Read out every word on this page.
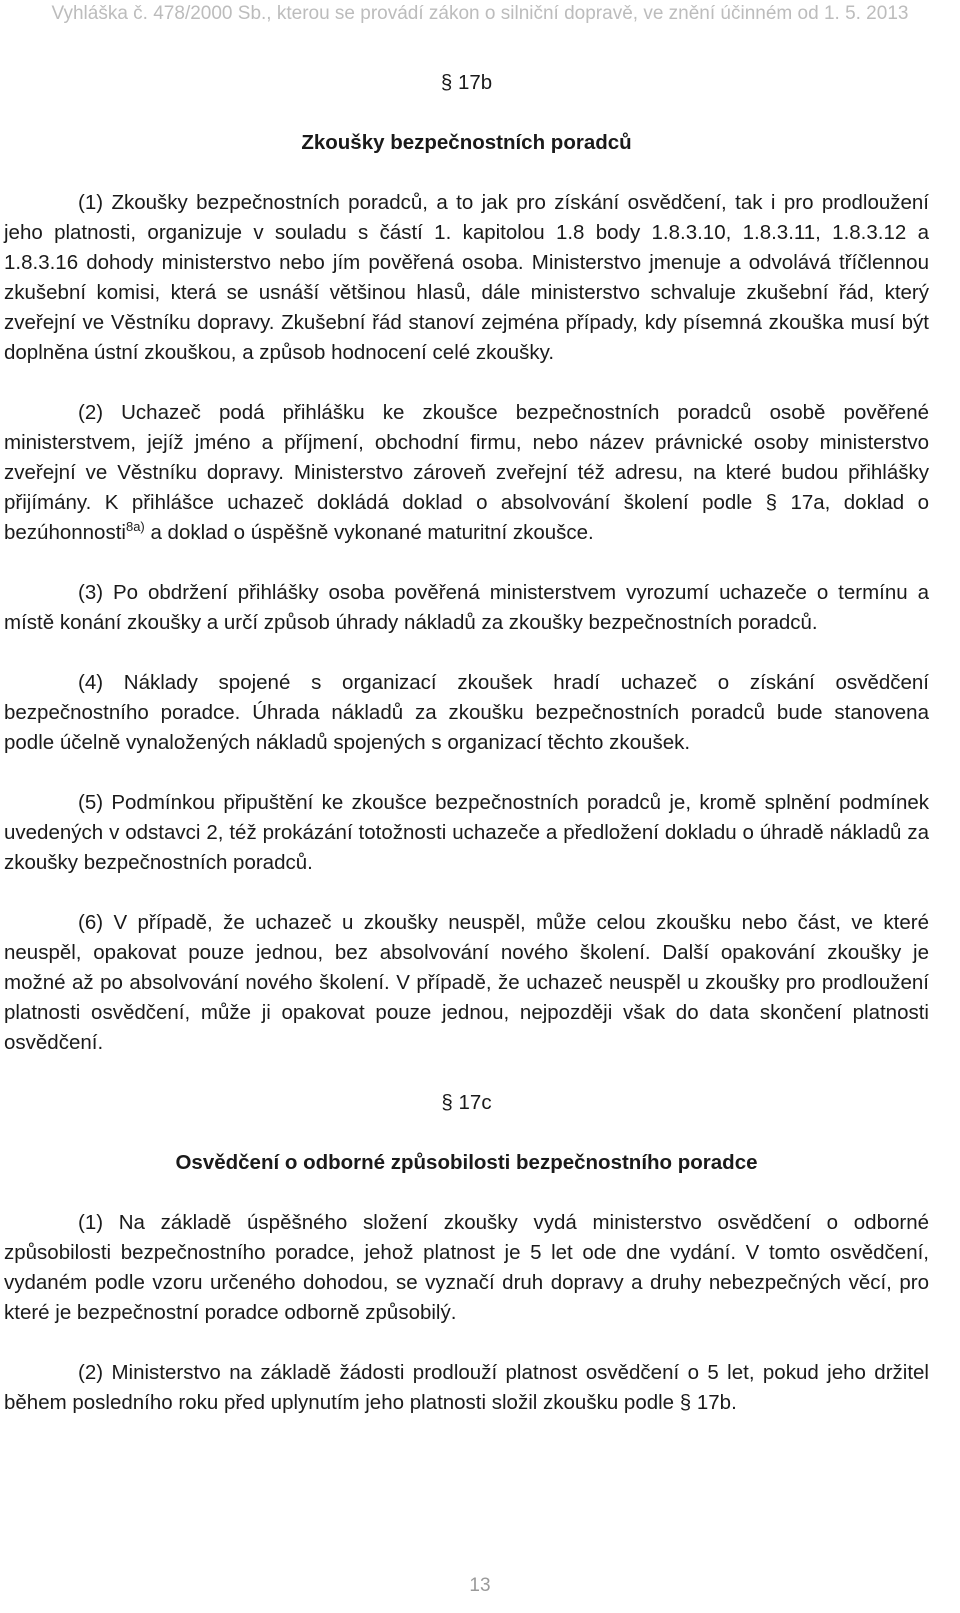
Vyhláška č. 478/2000 Sb., kterou se provádí zákon o silniční dopravě, ve znění účinném od 1. 5. 2013

§ 17b

Zkoušky bezpečnostních poradců

(1) Zkoušky bezpečnostních poradců, a to jak pro získání osvědčení, tak i pro prodloužení jeho platnosti, organizuje v souladu s částí 1. kapitolou 1.8 body 1.8.3.10, 1.8.3.11, 1.8.3.12 a 1.8.3.16 dohody ministerstvo nebo jím pověřená osoba. Ministerstvo jmenuje a odvolává tříčlennou zkušební komisi, která se usnáší většinou hlasů, dále ministerstvo schvaluje zkušební řád, který zveřejní ve Věstníku dopravy. Zkušební řád stanoví zejména případy, kdy písemná zkouška musí být doplněna ústní zkouškou, a způsob hodnocení celé zkoušky.

(2) Uchazeč podá přihlášku ke zkoušce bezpečnostních poradců osobě pověřené ministerstvem, jejíž jméno a příjmení, obchodní firmu, nebo název právnické osoby ministerstvo zveřejní ve Věstníku dopravy. Ministerstvo zároveň zveřejní též adresu, na které budou přihlášky přijímány. K přihlášce uchazeč dokládá doklad o absolvování školení podle § 17a, doklad o bezúhonnosti$^{8a)}$ a doklad o úspěšně vykonané maturitní zkoušce.

(3) Po obdržení přihlášky osoba pověřená ministerstvem vyrozumí uchazeče o termínu a místě konání zkoušky a určí způsob úhrady nákladů za zkoušky bezpečnostních poradců.

(4) Náklady spojené s organizací zkoušek hradí uchazeč o získání osvědčení bezpečnostního poradce. Úhrada nákladů za zkoušku bezpečnostních poradců bude stanovena podle účelně vynaložených nákladů spojených s organizací těchto zkoušek.

(5) Podmínkou připuštění ke zkoušce bezpečnostních poradců je, kromě splnění podmínek uvedených v odstavci 2, též prokázání totožnosti uchazeče a předložení dokladu o úhradě nákladů za zkoušky bezpečnostních poradců.

(6) V případě, že uchazeč u zkoušky neuspěl, může celou zkoušku nebo část, ve které neuspěl, opakovat pouze jednou, bez absolvování nového školení. Další opakování zkoušky je možné až po absolvování nového školení. V případě, že uchazeč neuspěl u zkoušky pro prodloužení platnosti osvědčení, může ji opakovat pouze jednou, nejpozději však do data skončení platnosti osvědčení.

§ 17c

Osvědčení o odborné způsobilosti bezpečnostního poradce

(1) Na základě úspěšného složení zkoušky vydá ministerstvo osvědčení o odborné způsobilosti bezpečnostního poradce, jehož platnost je 5 let ode dne vydání. V tomto osvědčení, vydaném podle vzoru určeného dohodou, se vyznačí druh dopravy a druhy nebezpečných věcí, pro které je bezpečnostní poradce odborně způsobilý.

(2) Ministerstvo na základě žádosti prodlouží platnost osvědčení o 5 let, pokud jeho držitel během posledního roku před uplynutím jeho platnosti složil zkoušku podle § 17b.

13
